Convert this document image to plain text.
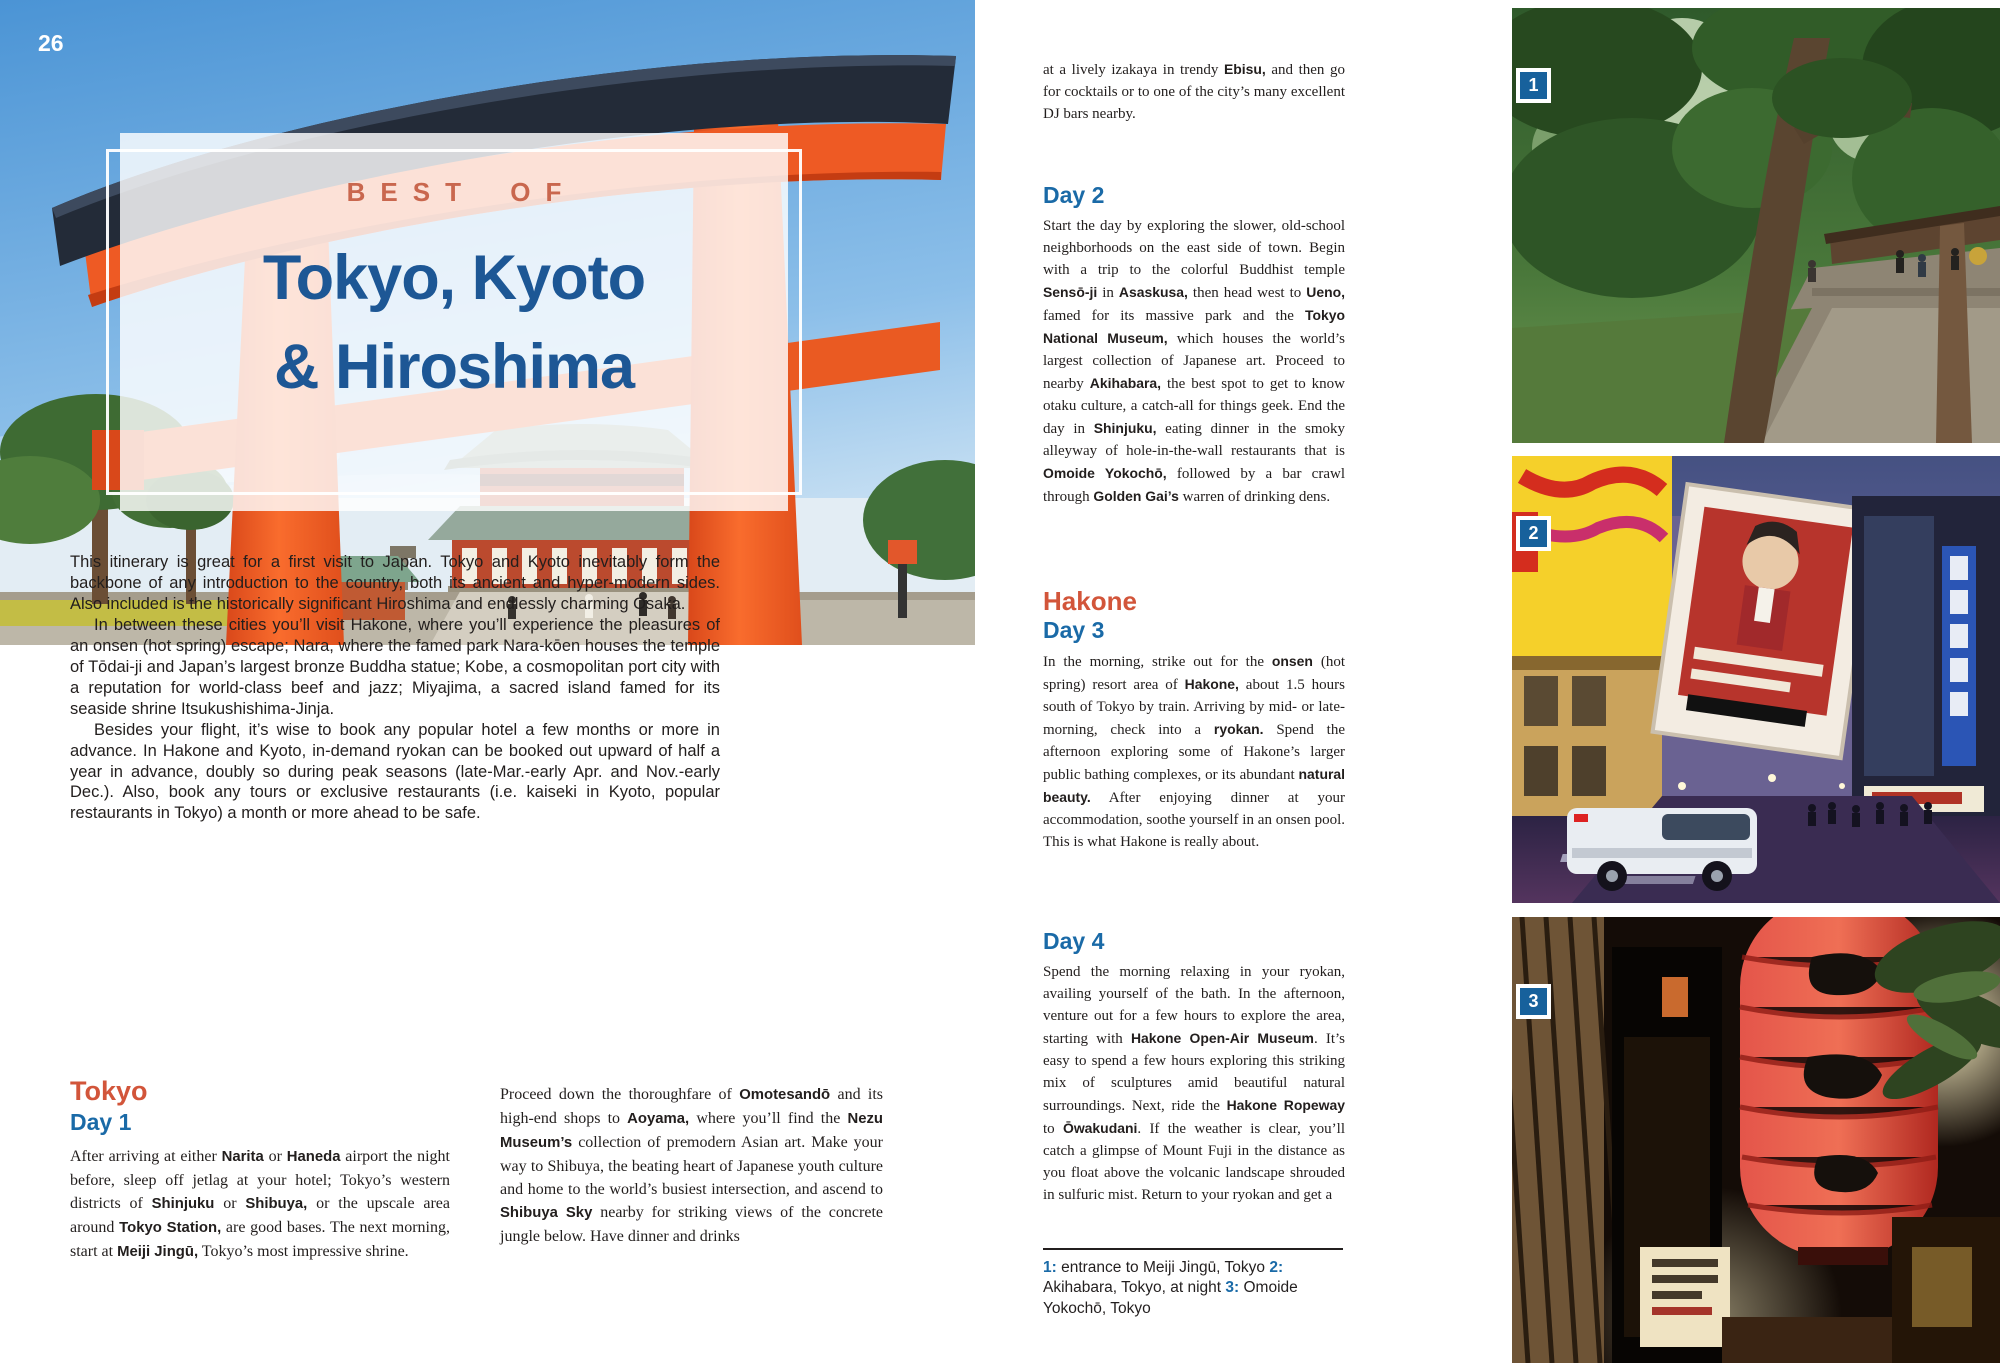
26
BEST OF
Tokyo, Kyoto
& Hiroshima

This itinerary is great for a first visit to Japan. Tokyo and Kyoto inevitably form the backbone of any introduction to the country, both its ancient and hyper-modern sides. Also included is the historically significant Hiroshima and endlessly charming Osaka.

In between these cities you’ll visit Hakone, where you’ll experience the pleasures of an onsen (hot spring) escape; Nara, where the famed park Nara-kōen houses the temple of Tōdai-ji and Japan’s largest bronze Buddha statue; Kobe, a cosmopolitan port city with a reputation for world-class beef and jazz; Miyajima, a sacred island famed for its seaside shrine Itsukushishima-Jinja.

Besides your flight, it’s wise to book any popular hotel a few months or more in advance. In Hakone and Kyoto, in-demand ryokan can be booked out upward of half a year in advance, doubly so during peak seasons (late-Mar.-early Apr. and Nov.-early Dec.). Also, book any tours or exclusive restaurants (i.e. kaiseki in Kyoto, popular restaurants in Tokyo) a month or more ahead to be safe.

Tokyo
Day 1

After arriving at either Narita or Haneda airport the night before, sleep off jetlag at your hotel; Tokyo’s western districts of Shinjuku or Shibuya, or the upscale area around Tokyo Station, are good bases. The next morning, start at Meiji Jingū, Tokyo’s most impressive shrine.

Proceed down the thoroughfare of Omotesandō and its high-end shops to Aoyama, where you’ll find the Nezu Museum’s collection of premodern Asian art. Make your way to Shibuya, the beating heart of Japanese youth culture and home to the world’s busiest intersection, and ascend to Shibuya Sky nearby for striking views of the concrete jungle below. Have dinner and drinks

at a lively izakaya in trendy Ebisu, and then go for cocktails or to one of the city’s many excellent DJ bars nearby.

Day 2

Start the day by exploring the slower, old-school neighborhoods on the east side of town. Begin with a trip to the colorful Buddhist temple Sensō-ji in Asaskusa, then head west to Ueno, famed for its massive park and the Tokyo National Museum, which houses the world’s largest collection of Japanese art. Proceed to nearby Akihabara, the best spot to get to know otaku culture, a catch-all for things geek. End the day in Shinjuku, eating dinner in the smoky alleyway of hole-in-the-wall restaurants that is Omoide Yokochō, followed by a bar crawl through Golden Gai’s warren of drinking dens.

Hakone
Day 3

In the morning, strike out for the onsen (hot spring) resort area of Hakone, about 1.5 hours south of Tokyo by train. Arriving by mid- or late-morning, check into a ryokan. Spend the afternoon exploring some of Hakone’s larger public bathing complexes, or its abundant natural beauty. After enjoying dinner at your accommodation, soothe yourself in an onsen pool. This is what Hakone is really about.

Day 4

Spend the morning relaxing in your ryokan, availing yourself of the bath. In the afternoon, venture out for a few hours to explore the area, starting with Hakone Open-Air Museum. It’s easy to spend a few hours exploring this striking mix of sculptures amid beautiful natural surroundings. Next, ride the Hakone Ropeway to Ōwakudani. If the weather is clear, you’ll catch a glimpse of Mount Fuji in the distance as you float above the volcanic landscape shrouded in sulfuric mist. Return to your ryokan and get a

1: entrance to Meiji Jingū, Tokyo 2: Akihabara, Tokyo, at night 3: Omoide Yokochō, Tokyo
1
2
3
